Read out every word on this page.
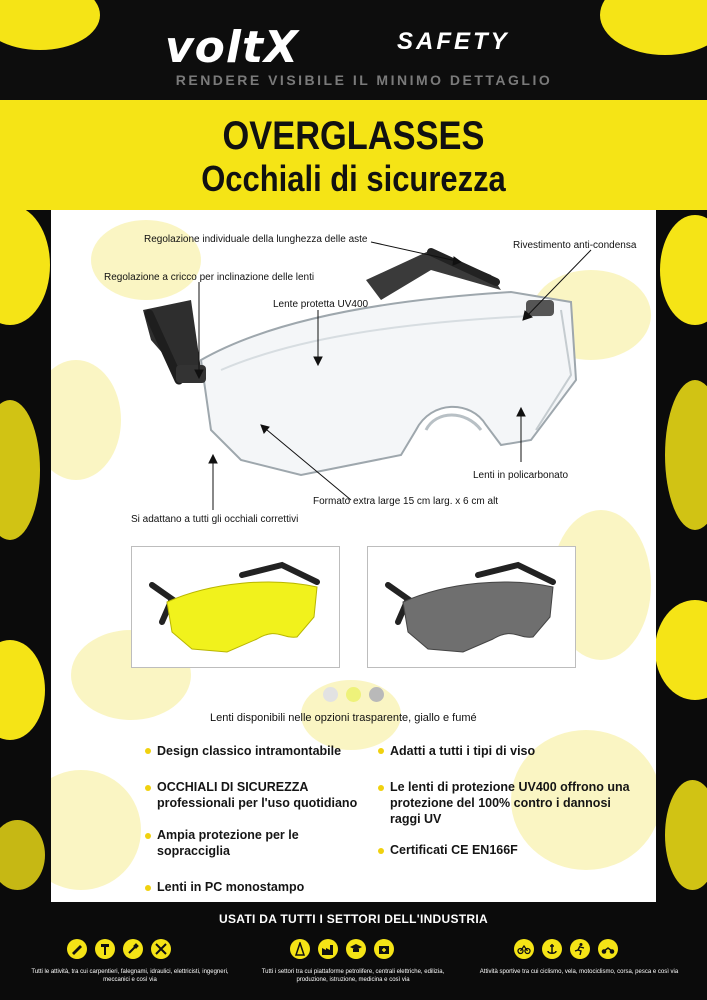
voltX	SAFETY
RENDERE VISIBILE IL MINIMO DETTAGLIO
OVERGLASSES
Occhiali di sicurezza
Regolazione individuale della lunghezza delle aste
Rivestimento anti-condensa
Regolazione a cricco per inclinazione delle lenti
Lente protetta UV400
Lenti in policarbonato
Formato extra large 15 cm larg. x 6 cm alt
Si adattano a tutti gli occhiali correttivi
Lenti disponibili nelle opzioni trasparente, giallo e fumé
Design classico intramontabile
OCCHIALI DI SICUREZZA professionali per l'uso quotidiano
Ampia protezione per le sopracciglia
Lenti in PC monostampo
Adatti a tutti i tipi di viso
Le lenti di protezione UV400 offrono una protezione del 100% contro i dannosi raggi UV
Certificati CE EN166F
USATI DA TUTTI I SETTORI DELL'INDUSTRIA
Tutti le attività, tra cui carpentieri, falegnami, idraulici, elettricisti, ingegneri, meccanici e così via
Tutti i settori tra cui piattaforme petrolifere, centrali elettriche, edilizia, produzione, istruzione, medicina e così via
Attività sportive tra cui ciclismo, vela, motociclismo, corsa, pesca e così via
